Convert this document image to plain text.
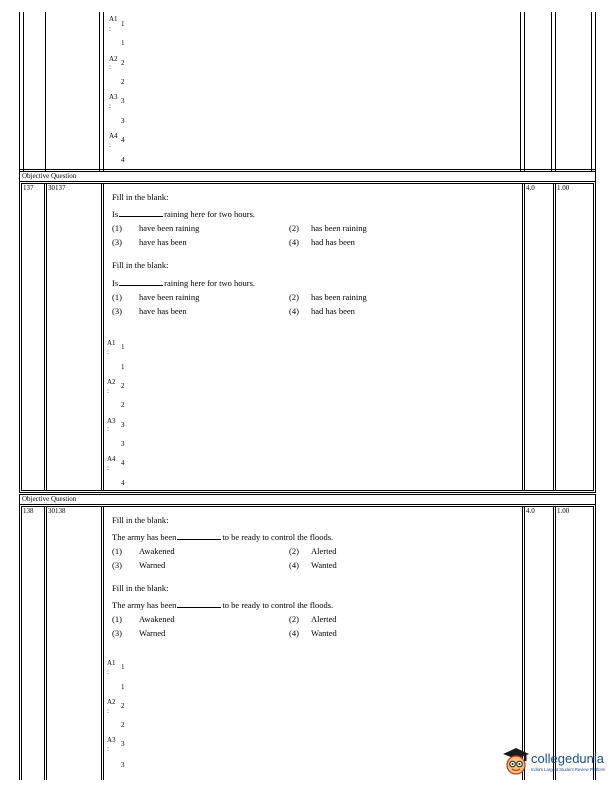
A1
:
1
1
A2
: 2
2
A3
:
3
3
A4
:
4
4
Objective Question
137 30137	4.0	1.00
Fill in the blank:
Is	raining here for two hours.
(1) have been raining	(2) has been raining
(3) have has been	(4) had has been
Fill in the blank:
Is	raining here for two hours.
(1) have been raining	(2) has been raining
(3) have has been	(4) had has been
A1
:
1
1
A2
:
2
2
A3
: 3
3
A4
:
4
4
Objective Question
138 30138	4.0	1.00
Fill in the blank:
The army has been	to be ready to control the floods.
(1) Awakened	(2) Alerted
(3) Warned	(4) Wanted
Fill in the blank:
The army has been	to be ready to control the floods.
(1) Awakened	(2) Alerted
(3) Warned	(4) Wanted
A1
:
1
1
A2
:
2
2
A3
:
3
3	collegedunia
India's Largest Student Review Platform
